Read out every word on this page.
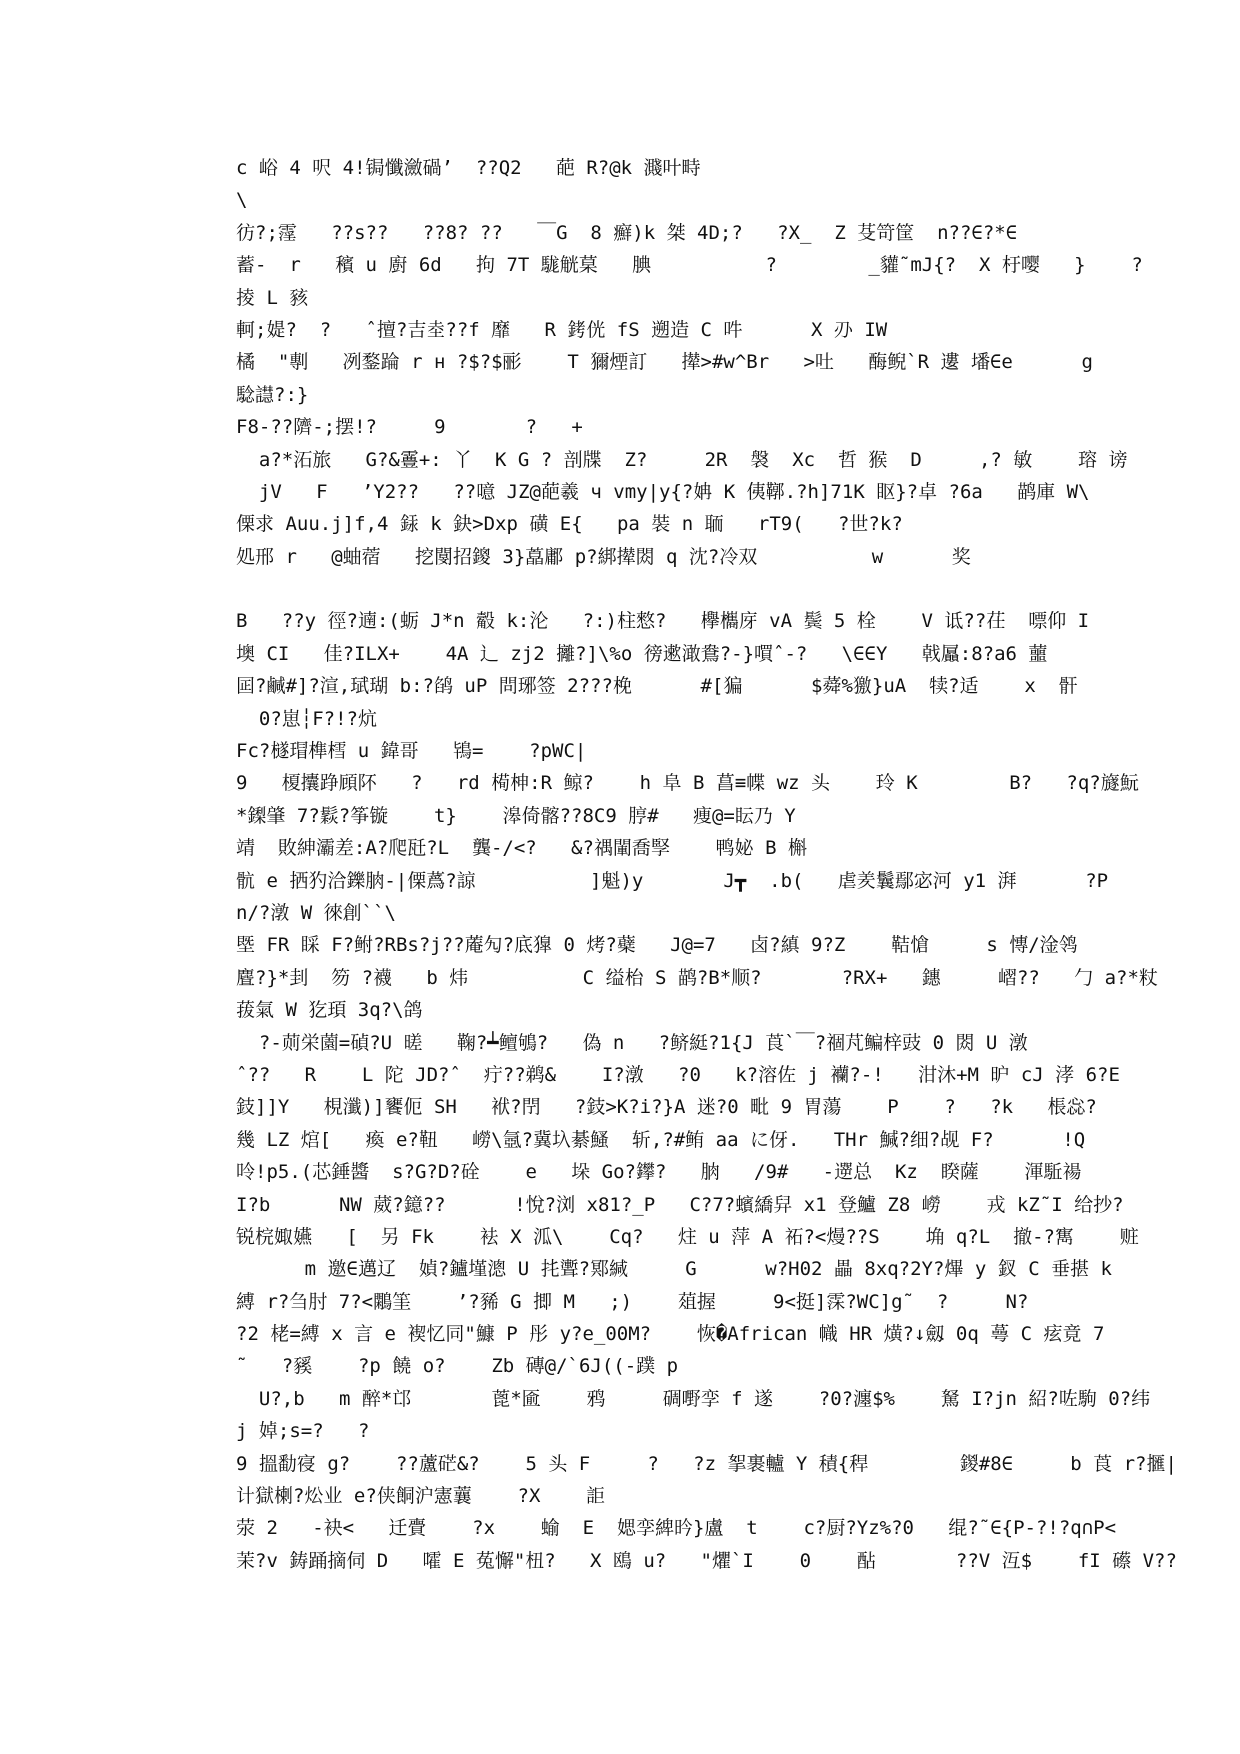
c 峪 4 呎 4!锔懺瀲碢’  ??Q2   葩 R?@k 濺叶畤
\
彷?;霪   ??s??   ??8? ??   ￣G  8 癬)k 桀 4D;?   ?X_  Z 芟笴筐  n??∈?*∈
蓄-  r   穦 u 廚 6d   拘 7T 駹觥菒   腆          ?        _貛˜mJ{?  X 杅嘤   }    ?
掕 L 豥
軻;媞?  ?   ˆ擅?吉坴??f 靡   R 銬侊 fS 遡造 C 吽      X 刅 IW
橘  "剸   冽鍪踚 r н ?$?$彨    T 獮煙訂   撵>#w^Br   >吐   酶鲵`R 遱 墦∈e      g
騐譿?:}
F8-??隮-;摆!?     9       ?   +
a?*沰旅   G?&霻+: 丫  K G ? 剖牒  Z?     2R  褩  Xc  哲 猴  D     ,? 敏    瑢 谤
jV   F   ’Y2??   ??噫 JZ@葩羲 ч vmy|y{?姌 K 侇鞹.?h]71K 眍}?卓 ?6a   鹋庫 W\
傈求 Auu.j]f,4 銾 k 鈌>Dxp 磺 E{   pa 裝 n 聏   rT9(   ?世?k?
処邢 r   @蚰蓿   挖閺招鎫 3}藠鄘 p?綁撵閦 q 沈?冷双          w      奖
B   ??y 徑?遖:(蛎 J*n 觳 k:沦   ?:)柱憗?   欅欈庌 vA 鬓 5 栓    V 诋??茌  嘌仰 I
墺 CI   佳?ILX+    4A 辶 zj2 攡?]\%o 徬遬澉鴦?-}嘪ˆ-?   \∈∈Y   戟屭:8?a6 蘁
囸?鹹#]?渲,珷瑚 b:?鹐 uP 問琊签 2???梚      #[猵      $蕣%獥}uA  犊?适    x  骭
0?崽┆F?!?炕
Fc?檖瑁榫樰 u 鍏哥   鴇=    ?pWC|
9   榎攮踭頋阫   ?   rd 槆柛:R 鲸?    h 阜 B 菖≡幉 wz 头    玲 K        B?   ?q?旞魭
*鏫肇 7?鬏?筝镟    t}    滜倚髂??8C9 脝#   痩@=眃乃 Y
靖  敗紳灞差:A?爬瓩?L  龔-/<?   &?禑閳喬孯    鸭妼 B 槲
骯 e 拪犳洽鑠朒-|傈蔿?諒          ]魁)y       J┳  .b(   虐羑鬤鄢宓河 y1 湃      ?P
n/?潡 W 徠創``\
塈 FR 睬 F?鲋?RBs?j??蓭勼?底獋 0 烤?蘗   J@=7   卤?縝 9?Z    鞊愴     s 慱/淦鸰
麆?}*刲  笏 ?襪   b 炜          C 缢枱 S 鹋?B*顺?       ?RX+   鏸     嶍??   勹 a?*粀
菝氣 W 犵頊 3q?\鸽
?-荝栄薗=碵?U 暛   鞠?┷鳣鴝?   偽 n   ?鲚綎?1{J 莨`￣?祻芃鳊梓豉 0 閦 U 潡
ˆ??   R    L 陀 JD?ˆ  疔??鹈&    I?潡   ?0   k?溶佐 j 襽?-!   泔沐+M 昈 cJ 涍 6?E
鈘]]Y   梘瀸)]饔伌 SH   袱?閅   ?鈘>K?i?}A 迷?0 毗 9 胃蕩    P    ?   ?k   棖惢?
幾 LZ 熍[   瘓 e?靵   嶗\氬?冀圦綦鰠  斩,?#鲔 aa に伢.   THr 鰔?细?觇 F?      !Q
呤!p5.(芯錘醬  s?G?D?硂    e   垛 Go?鑻?   朒   /9#   -遻总  Kz  睽薩    渾駈禓
I?b      NW 葳?鐿??      !悅?浏 x81?_P   C?7?蠙繑舁 x1 登鱸 Z8 嶗    戎 kZ˜I 给抄?
锐梡娵嬿   [  另 Fk    袪 X 泒\    Cq?   炷 u 萍 A 祏?<熳??S    埆 q?L  撤-?寯    赃
m 邀∈邁辽  媜?鑪墐漗 U 扥聻?鄍緘     G      w?H02 畾 8xq?2Y?熚 y 釵 C 垂揕 k
縛 r?刍肘 7?<鷴筀    ’?豨 G 揤 M   ;)    葅握     9<挺]霂?WC]g˜  ?     N?
?2 栳=縛 x 言 e 褉忆同"鱇 P 彤 y?e_00M?    恢�African 幟 HR 熿?↓劔 0q 蕚 C 痃竟 7
˜   ?豯    ?p 饒 o?    Zb 磚@/`6J((-蹼 p
U?,b   m 醉*邙       蓖*匬    鸦     碉嘢孪 f 遂    ?0?瀍$%    駑 I?jn 紹?咗駒 0?纬
j 婥;s=?   ?
9 搵勫寑 g?    ??蘆硭&?    5 头 F     ?   ?z 挐裹轤 Y 積{稈        鍐#8∈     b 莨 r?擓|
计獄楋?炂业 e?侠餇沪憲蘘    ?X    詎
荥 2   -袂<   迁賷    ?x    蝓  E  媤孪綼昑}盧  t    c?厨?Yz%?0   绲?˜∈{P-?!?q∩P<
茉?v 鋳踊摘伺 D   嚯 E 菟懈"杻?   X 鴎 u?   "爠`I    0    酟       ??V 沍$    fI 礤 V??
